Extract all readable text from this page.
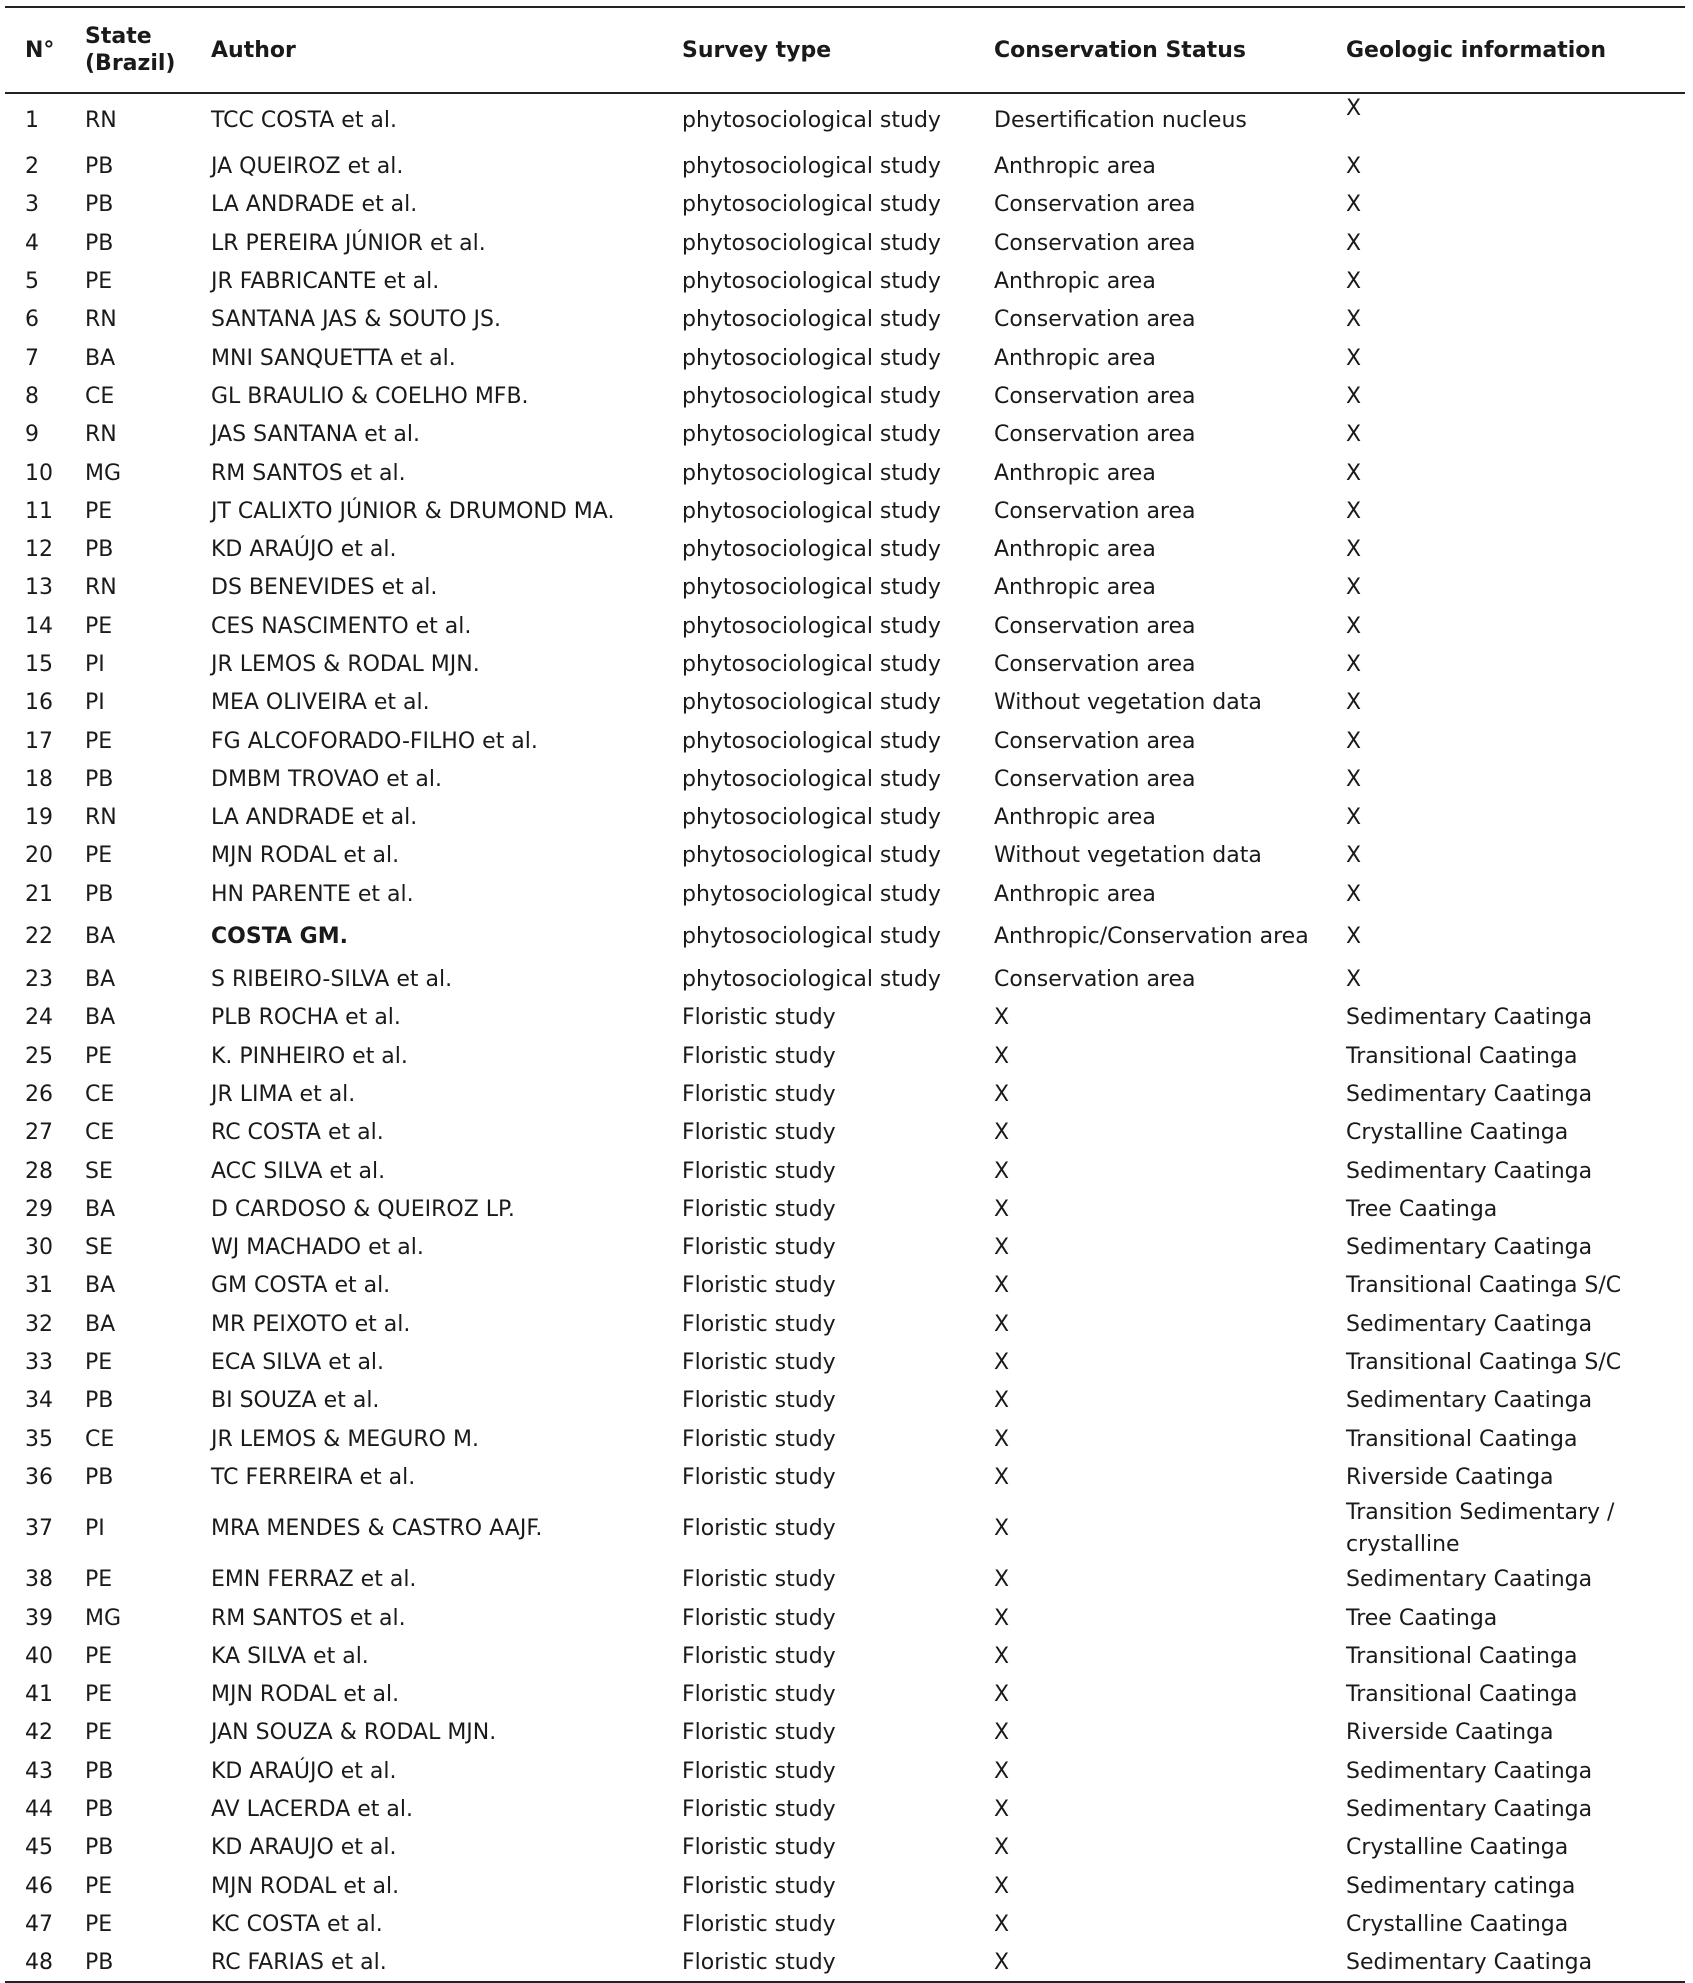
N°	State (Brazil)	Author	Survey type	Conservation Status	Geologic information
1	RN	TCC COSTA et al.	phytosociological study	Desertification nucleus	X
2	PB	JA QUEIROZ et al.	phytosociological study	Anthropic area	X
3	PB	LA ANDRADE et al.	phytosociological study	Conservation area	X
4	PB	LR PEREIRA JÚNIOR et al.	phytosociological study	Conservation area	X
5	PE	JR FABRICANTE et al.	phytosociological study	Anthropic area	X
6	RN	SANTANA JAS & SOUTO JS.	phytosociological study	Conservation area	X
7	BA	MNI SANQUETTA et al.	phytosociological study	Anthropic area	X
8	CE	GL BRAULIO & COELHO MFB.	phytosociological study	Conservation area	X
9	RN	JAS SANTANA et al.	phytosociological study	Conservation area	X
10	MG	RM SANTOS et al.	phytosociological study	Anthropic area	X
11	PE	JT CALIXTO JÚNIOR & DRUMOND MA.	phytosociological study	Conservation area	X
12	PB	KD ARAÚJO et al.	phytosociological study	Anthropic area	X
13	RN	DS BENEVIDES et al.	phytosociological study	Anthropic area	X
14	PE	CES NASCIMENTO et al.	phytosociological study	Conservation area	X
15	PI	JR LEMOS & RODAL MJN.	phytosociological study	Conservation area	X
16	PI	MEA OLIVEIRA et al.	phytosociological study	Without vegetation data	X
17	PE	FG ALCOFORADO-FILHO et al.	phytosociological study	Conservation area	X
18	PB	DMBM TROVAO et al.	phytosociological study	Conservation area	X
19	RN	LA ANDRADE et al.	phytosociological study	Anthropic area	X
20	PE	MJN RODAL et al.	phytosociological study	Without vegetation data	X
21	PB	HN PARENTE et al.	phytosociological study	Anthropic area	X
22	BA	COSTA GM.	phytosociological study	Anthropic/Conservation area	X
23	BA	S RIBEIRO-SILVA et al.	phytosociological study	Conservation area	X
24	BA	PLB ROCHA et al.	Floristic study	X	Sedimentary Caatinga
25	PE	K. PINHEIRO et al.	Floristic study	X	Transitional Caatinga
26	CE	JR LIMA et al.	Floristic study	X	Sedimentary Caatinga
27	CE	RC COSTA et al.	Floristic study	X	Crystalline Caatinga
28	SE	ACC SILVA et al.	Floristic study	X	Sedimentary Caatinga
29	BA	D CARDOSO & QUEIROZ LP.	Floristic study	X	Tree Caatinga
30	SE	WJ MACHADO et al.	Floristic study	X	Sedimentary Caatinga
31	BA	GM COSTA et al.	Floristic study	X	Transitional Caatinga S/C
32	BA	MR PEIXOTO et al.	Floristic study	X	Sedimentary Caatinga
33	PE	ECA SILVA et al.	Floristic study	X	Transitional Caatinga S/C
34	PB	BI SOUZA et al.	Floristic study	X	Sedimentary Caatinga
35	CE	JR LEMOS & MEGURO M.	Floristic study	X	Transitional Caatinga
36	PB	TC FERREIRA et al.	Floristic study	X	Riverside Caatinga
37	PI	MRA MENDES & CASTRO AAJF.	Floristic study	X	Transition Sedimentary / crystalline
38	PE	EMN FERRAZ et al.	Floristic study	X	Sedimentary Caatinga
39	MG	RM SANTOS et al.	Floristic study	X	Tree Caatinga
40	PE	KA SILVA et al.	Floristic study	X	Transitional Caatinga
41	PE	MJN RODAL et al.	Floristic study	X	Transitional Caatinga
42	PE	JAN SOUZA & RODAL MJN.	Floristic study	X	Riverside Caatinga
43	PB	KD ARAÚJO et al.	Floristic study	X	Sedimentary Caatinga
44	PB	AV LACERDA et al.	Floristic study	X	Sedimentary Caatinga
45	PB	KD ARAUJO et al.	Floristic study	X	Crystalline Caatinga
46	PE	MJN RODAL et al.	Floristic study	X	Sedimentary catinga
47	PE	KC COSTA et al.	Floristic study	X	Crystalline Caatinga
48	PB	RC FARIAS et al.	Floristic study	X	Sedimentary Caatinga
